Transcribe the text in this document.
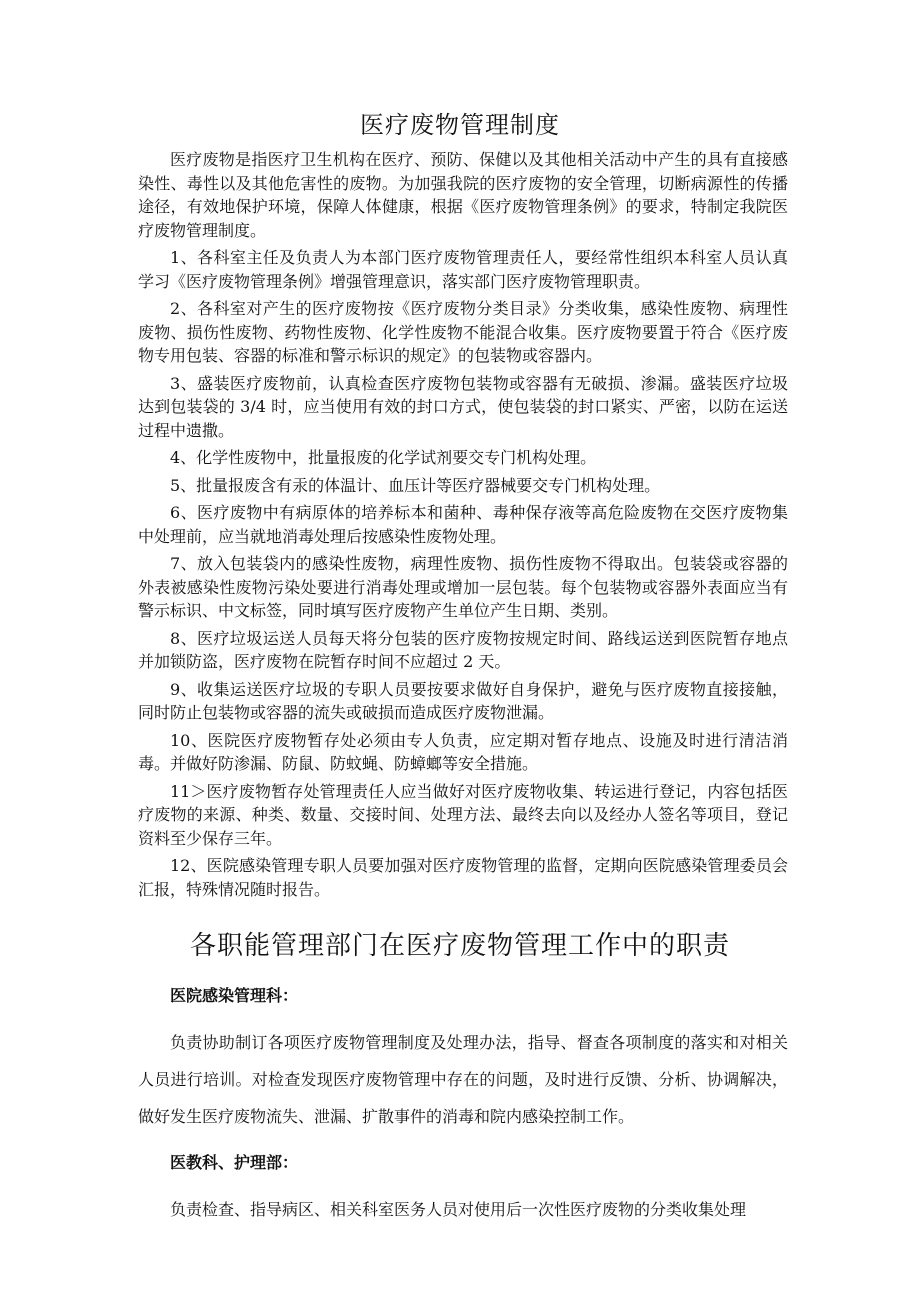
医疗废物管理制度

医疗废物是指医疗卫生机构在医疗、预防、保健以及其他相关活动中产生的具有直接感染性、毒性以及其他危害性的废物。为加强我院的医疗废物的安全管理，切断病源性的传播途径，有效地保护环境，保障人体健康，根据《医疗废物管理条例》的要求，特制定我院医疗废物管理制度。

1、各科室主任及负责人为本部门医疗废物管理责任人，要经常性组织本科室人员认真学习《医疗废物管理条例》增强管理意识，落实部门医疗废物管理职责。

2、各科室对产生的医疗废物按《医疗废物分类目录》分类收集，感染性废物、病理性废物、损伤性废物、药物性废物、化学性废物不能混合收集。医疗废物要置于符合《医疗废物专用包装、容器的标准和警示标识的规定》的包装物或容器内。

3、盛装医疗废物前，认真检查医疗废物包装物或容器有无破损、渗漏。盛装医疗垃圾达到包装袋的 3/4 时，应当使用有效的封口方式，使包装袋的封口紧实、严密，以防在运送过程中遗撒。

4、化学性废物中，批量报废的化学试剂要交专门机构处理。

5、批量报废含有汞的体温计、血压计等医疗器械要交专门机构处理。

6、医疗废物中有病原体的培养标本和菌种、毒种保存液等高危险废物在交医疗废物集中处理前，应当就地消毒处理后按感染性废物处理。

7、放入包装袋内的感染性废物，病理性废物、损伤性废物不得取出。包装袋或容器的外表被感染性废物污染处要进行消毒处理或增加一层包装。每个包装物或容器外表面应当有警示标识、中文标签，同时填写医疗废物产生单位产生日期、类别。

8、医疗垃圾运送人员每天将分包装的医疗废物按规定时间、路线运送到医院暂存地点并加锁防盗，医疗废物在院暂存时间不应超过 2 天。

9、收集运送医疗垃圾的专职人员要按要求做好自身保护，避免与医疗废物直接接触，同时防止包装物或容器的流失或破损而造成医疗废物泄漏。

10、医院医疗废物暂存处必须由专人负责，应定期对暂存地点、设施及时进行清洁消毒。并做好防渗漏、防鼠、防蚊蝇、防蟑螂等安全措施。

11＞医疗废物暂存处管理责任人应当做好对医疗废物收集、转运进行登记，内容包括医疗废物的来源、种类、数量、交接时间、处理方法、最终去向以及经办人签名等项目，登记资料至少保存三年。

12、医院感染管理专职人员要加强对医疗废物管理的监督，定期向医院感染管理委员会汇报，特殊情况随时报告。

各职能管理部门在医疗废物管理工作中的职责
医院感染管理科：

负责协助制订各项医疗废物管理制度及处理办法，指导、督查各项制度的落实和对相关人员进行培训。对检查发现医疗废物管理中存在的问题，及时进行反馈、分析、协调解决，做好发生医疗废物流失、泄漏、扩散事件的消毒和院内感染控制工作。

医教科、护理部：

负责检查、指导病区、相关科室医务人员对使用后一次性医疗废物的分类收集处理
